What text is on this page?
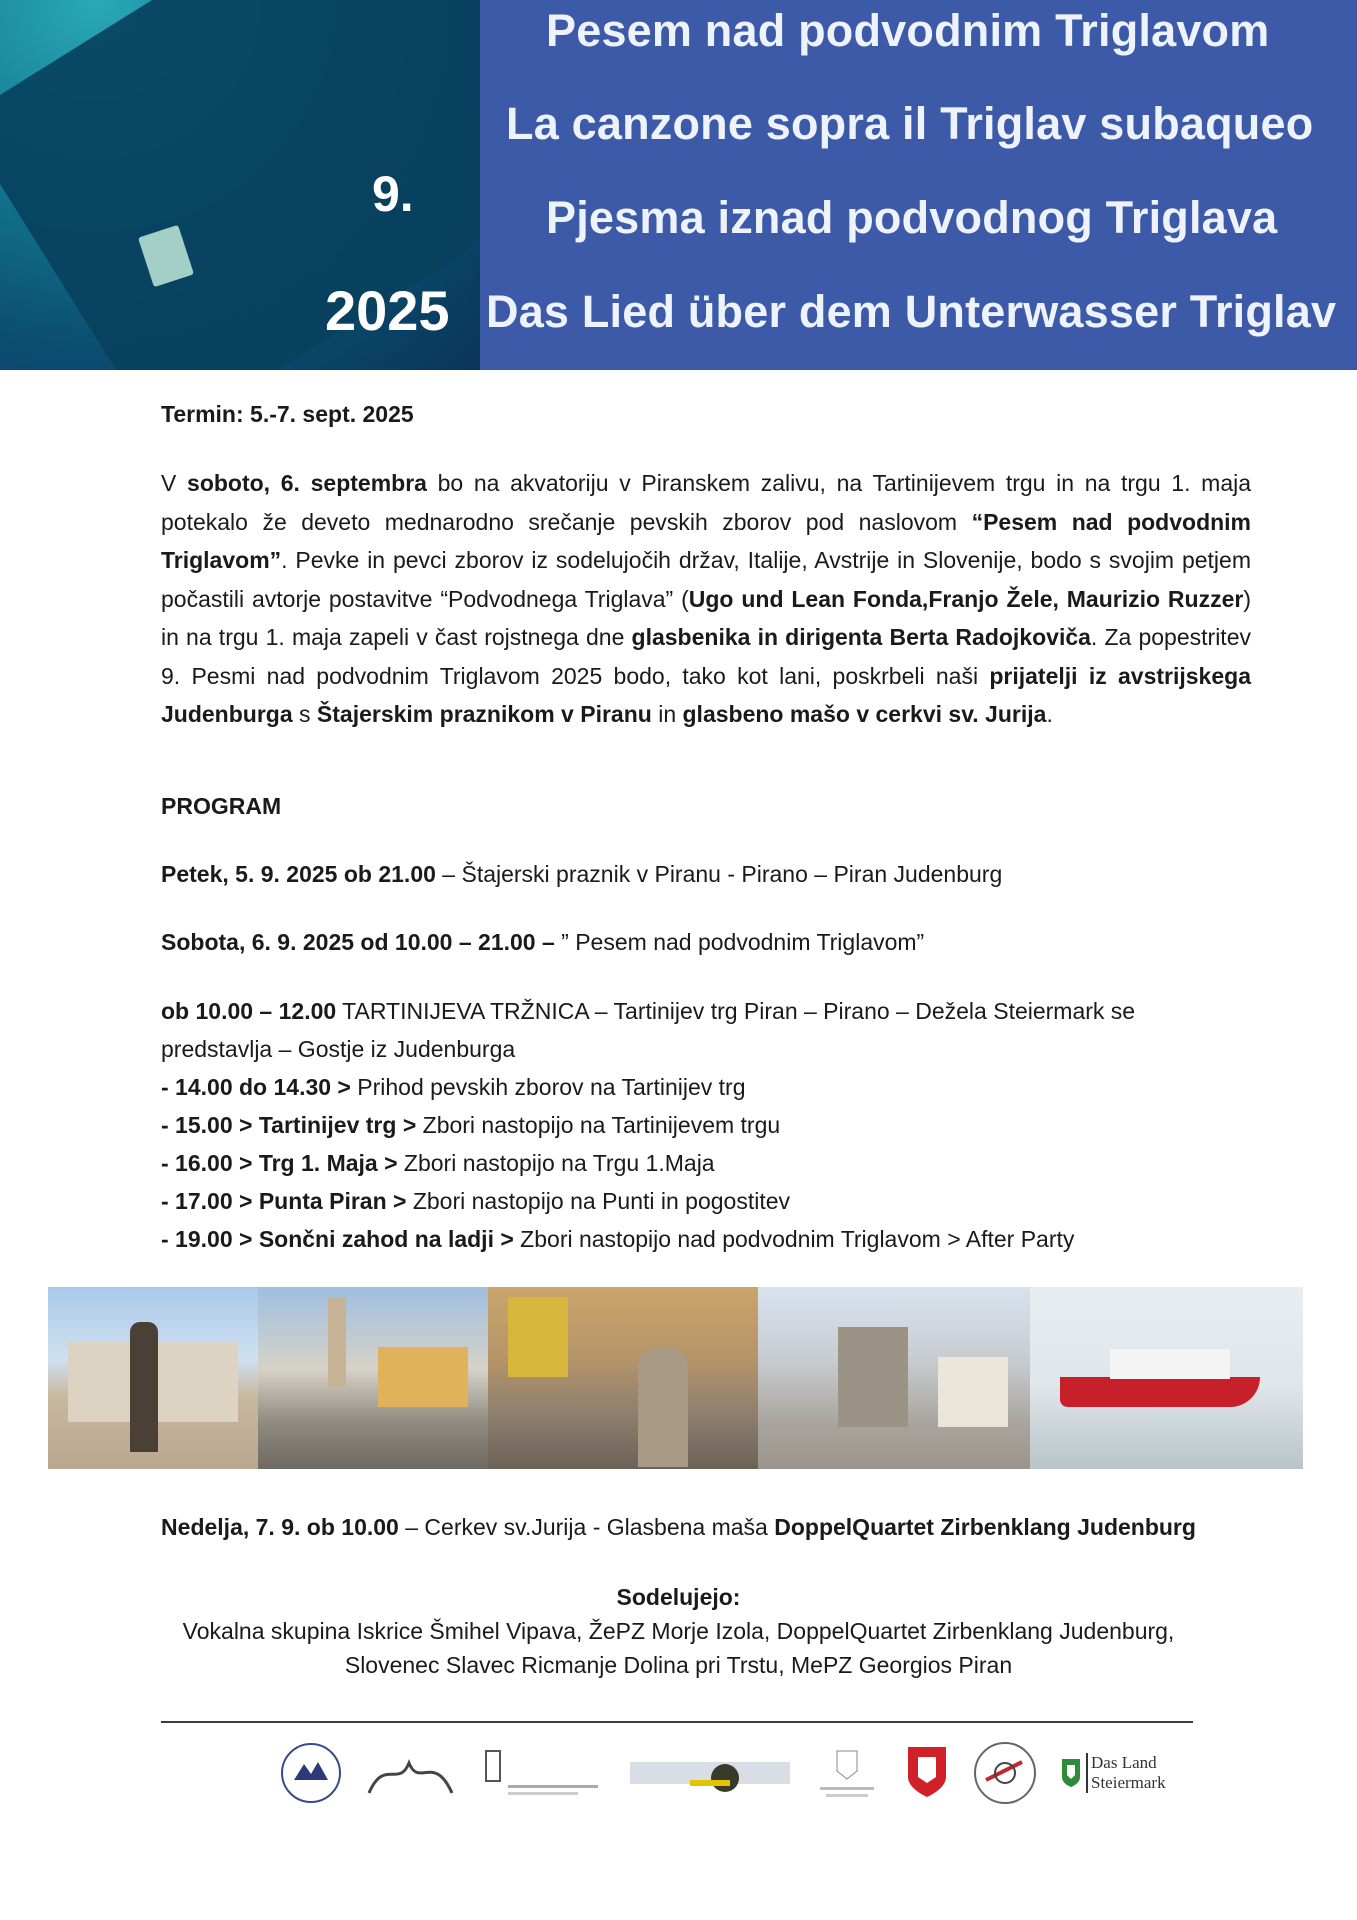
9.
2025
Pesem nad podvodnim Triglavom
La canzone sopra il Triglav subaqueo
Pjesma iznad podvodnog Triglava
Das Lied über dem Unterwasser Triglav

Termin: 5.-7. sept. 2025

V soboto, 6. septembra bo na akvatoriju v Piranskem zalivu, na Tartinijevem trgu in na trgu 1. maja potekalo že deveto mednarodno srečanje pevskih zborov pod naslovom “Pesem nad podvodnim Triglavom”. Pevke in pevci zborov iz sodelujočih držav, Italije, Avstrije in Slovenije, bodo s svojim petjem počastili avtorje postavitve “Podvodnega Triglava” (Ugo und Lean Fonda,Franjo Žele, Maurizio Ruzzer) in na trgu 1. maja zapeli v čast rojstnega dne glasbenika in dirigenta Berta Radojkoviča. Za popestritev 9. Pesmi nad podvodnim Triglavom 2025 bodo, tako kot lani, poskrbeli naši prijatelji iz avstrijskega Judenburga s Štajerskim praznikom v Piranu in glasbeno mašo v cerkvi sv. Jurija.

PROGRAM

Petek, 5. 9. 2025 ob 21.00 – Štajerski praznik v Piranu - Pirano – Piran Judenburg

Sobota, 6. 9. 2025 od 10.00 – 21.00 – ” Pesem nad podvodnim Triglavom”

ob 10.00 – 12.00 TARTINIJEVA TRŽNICA – Tartinijev trg Piran – Pirano – Dežela Steiermark se predstavlja – Gostje iz Judenburga

- 14.00 do 14.30 > Prihod pevskih zborov na Tartinijev trg

- 15.00 > Tartinijev trg > Zbori nastopijo na Tartinijevem trgu

- 16.00 > Trg 1. Maja > Zbori nastopijo na Trgu 1.Maja

- 17.00 > Punta Piran > Zbori nastopijo na Punti in pogostitev

- 19.00 > Sončni zahod na ladji > Zbori nastopijo nad podvodnim Triglavom > After Party

Nedelja, 7. 9. ob 10.00 – Cerkev sv.Jurija - Glasbena maša DoppelQuartet Zirbenklang Judenburg
Sodelujejo:
Vokalna skupina Iskrice Šmihel Vipava, ŽePZ Morje Izola, DoppelQuartet Zirbenklang Judenburg,
Slovenec Slavec Ricmanje Dolina pri Trstu, MePZ Georgios Piran
Das Land
Steiermark
